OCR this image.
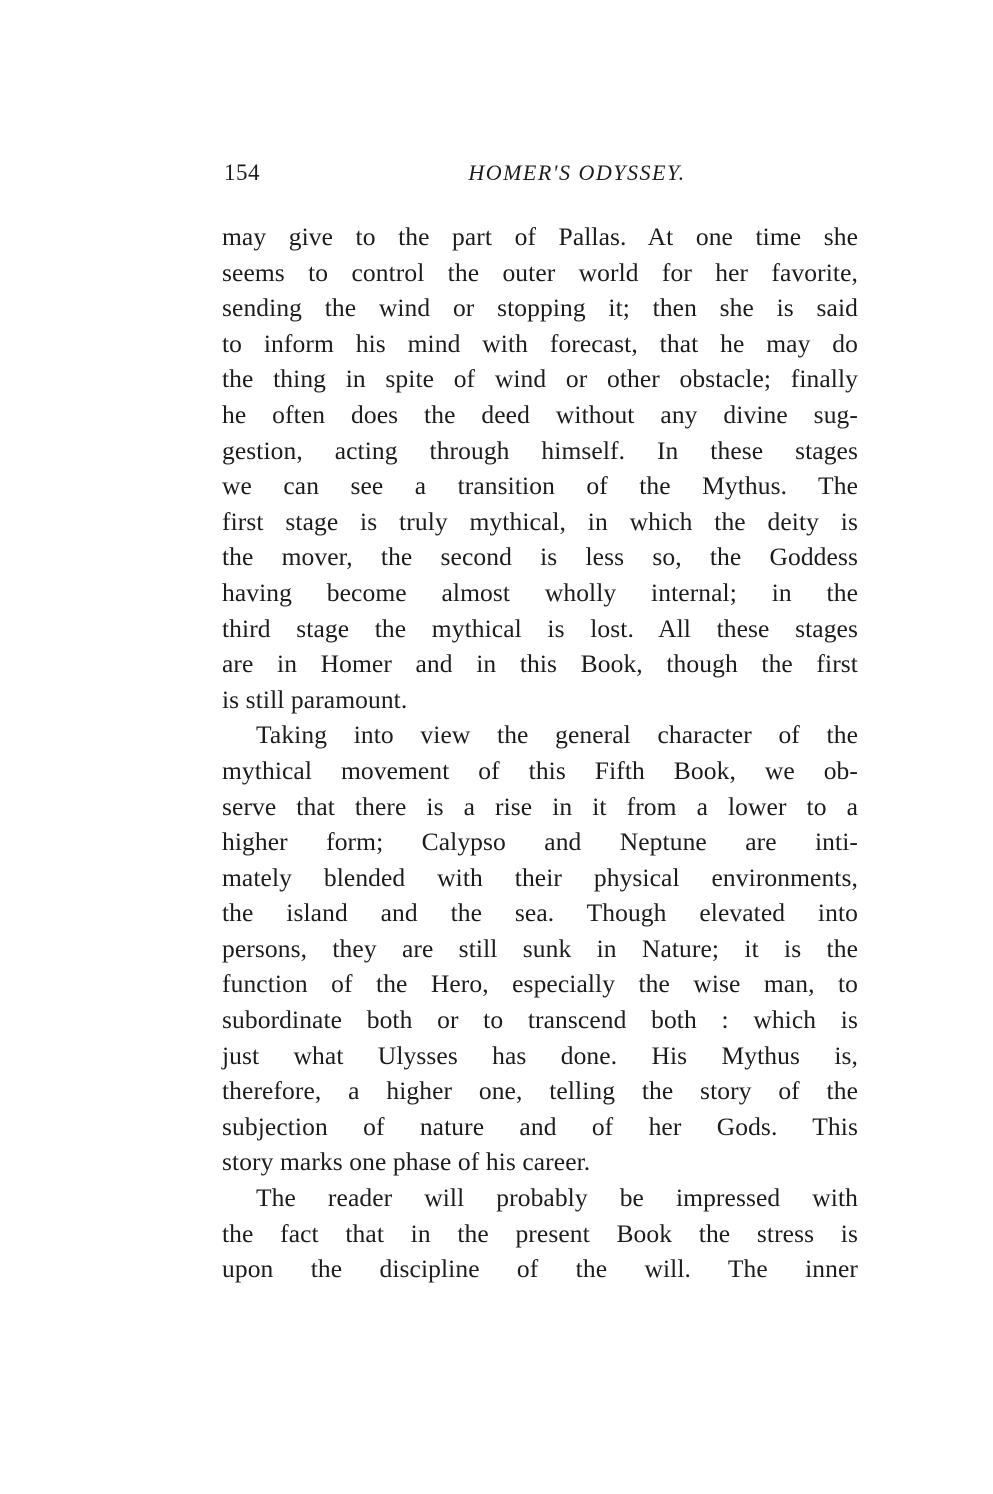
154	HOMER'S ODYSSEY.
may give to the part of Pallas. At one time she
seems to control the outer world for her favorite,
sending the wind or stopping it; then she is said
to inform his mind with forecast, that he may do
the thing in spite of wind or other obstacle; finally
he often does the deed without any divine sug-
gestion, acting through himself. In these stages
we can see a transition of the Mythus. The
first stage is truly mythical, in which the deity is
the mover, the second is less so, the Goddess
having become almost wholly internal; in the
third stage the mythical is lost. All these stages
are in Homer and in this Book, though the first
is still paramount.
Taking into view the general character of the
mythical movement of this Fifth Book, we ob-
serve that there is a rise in it from a lower to a
higher form; Calypso and Neptune are inti-
mately blended with their physical environments,
the island and the sea. Though elevated into
persons, they are still sunk in Nature; it is the
function of the Hero, especially the wise man, to
subordinate both or to transcend both : which is
just what Ulysses has done. His Mythus is,
therefore, a higher one, telling the story of the
subjection of nature and of her Gods. This
story marks one phase of his career.
The reader will probably be impressed with
the fact that in the present Book the stress is
upon the discipline of the will. The inner
